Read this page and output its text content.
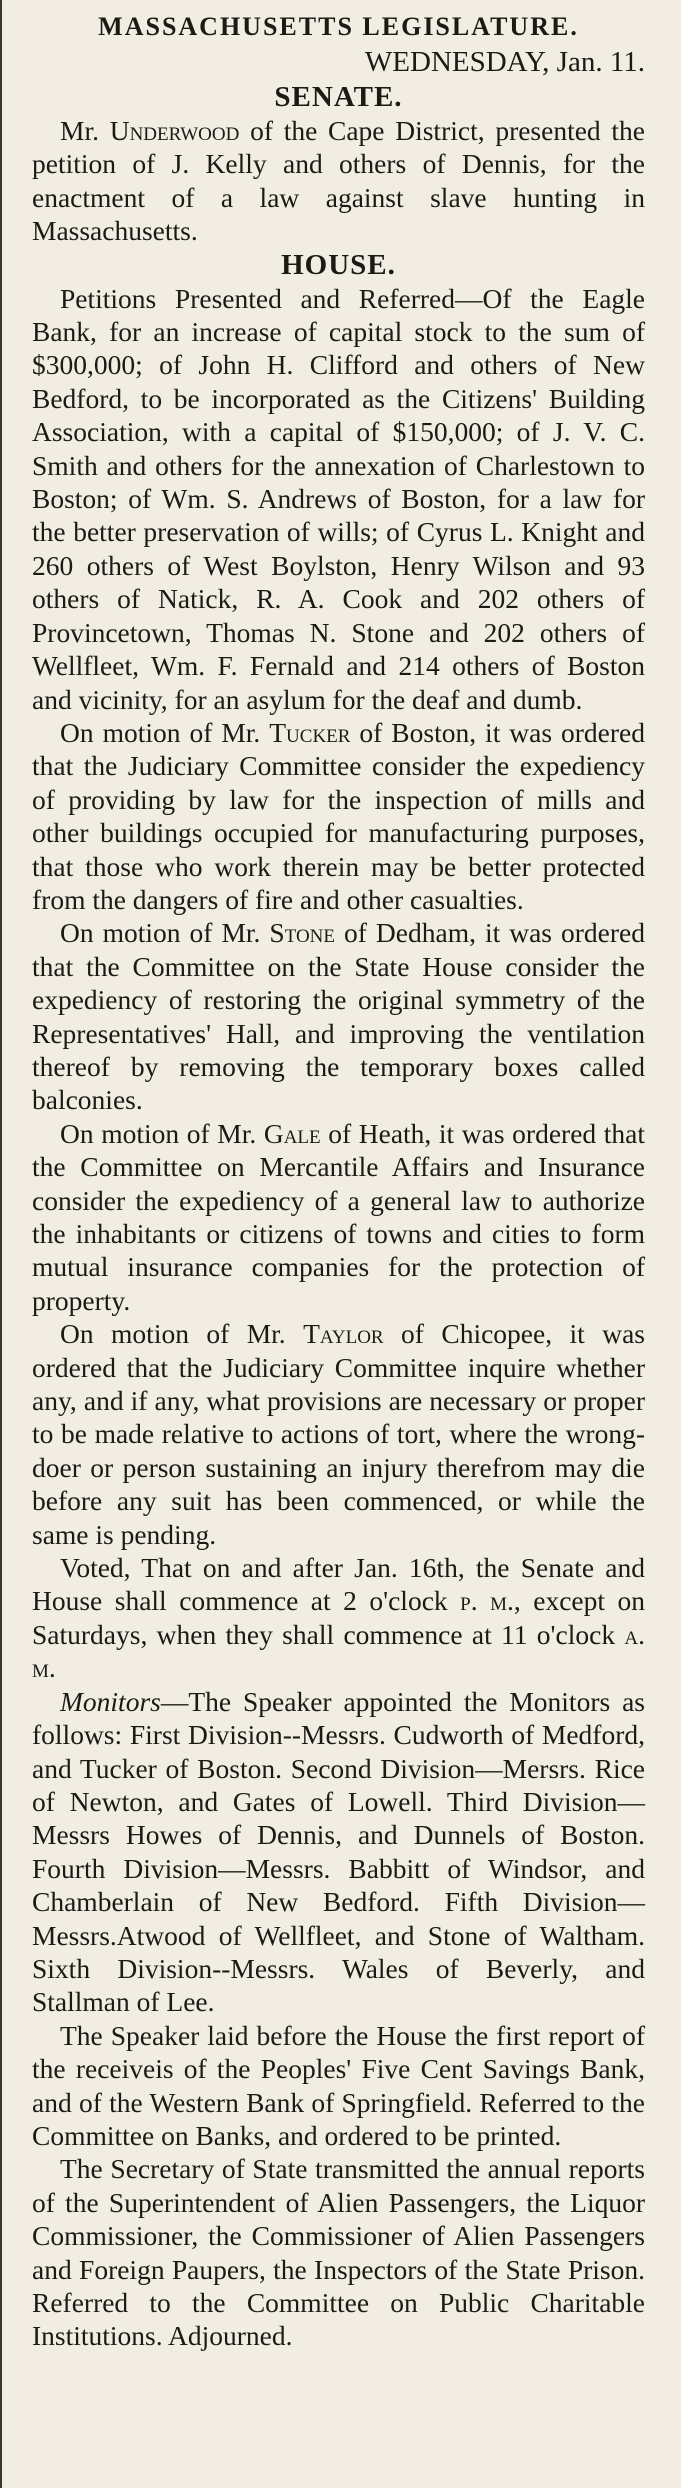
MASSACHUSETTS LEGISLATURE.
WEDNESDAY, Jan. 11.
SENATE.

Mr. Underwood of the Cape District, presented the petition of J. Kelly and others of Dennis, for the enactment of a law against slave hunting in Massachusetts.

HOUSE.

Petitions Presented and Referred—Of the Eagle Bank, for an increase of capital stock to the sum of $300,000; of John H. Clifford and others of New Bedford, to be incorporated as the Citizens' Building Association, with a capital of $150,000; of J. V. C. Smith and others for the annexation of Charlestown to Boston; of Wm. S. Andrews of Boston, for a law for the better preservation of wills; of Cyrus L. Knight and 260 others of West Boylston, Henry Wilson and 93 others of Natick, R. A. Cook and 202 others of Provincetown, Thomas N. Stone and 202 others of Wellfleet, Wm. F. Fernald and 214 others of Boston and vicinity, for an asylum for the deaf and dumb.

On motion of Mr. Tucker of Boston, it was ordered that the Judiciary Committee consider the expediency of providing by law for the inspection of mills and other buildings occupied for manufacturing purposes, that those who work therein may be better protected from the dangers of fire and other casualties.

On motion of Mr. Stone of Dedham, it was ordered that the Committee on the State House consider the expediency of restoring the original symmetry of the Representatives' Hall, and improving the ventilation thereof by removing the temporary boxes called balconies.

On motion of Mr. Gale of Heath, it was ordered that the Committee on Mercantile Affairs and Insurance consider the expediency of a general law to authorize the inhabitants or citizens of towns and cities to form mutual insurance companies for the protection of property.

On motion of Mr. Taylor of Chicopee, it was ordered that the Judiciary Committee inquire whether any, and if any, what provisions are necessary or proper to be made relative to actions of tort, where the wrong-doer or person sustaining an injury therefrom may die before any suit has been commenced, or while the same is pending.

Voted, That on and after Jan. 16th, the Senate and House shall commence at 2 o'clock p. m., except on Saturdays, when they shall commence at 11 o'clock a. m.

Monitors—The Speaker appointed the Monitors as follows: First Division--Messrs. Cudworth of Medford, and Tucker of Boston. Second Division—Mersrs. Rice of Newton, and Gates of Lowell. Third Division—Messrs Howes of Dennis, and Dunnels of Boston. Fourth Division—Messrs. Babbitt of Windsor, and Chamberlain of New Bedford. Fifth Division—Messrs.Atwood of Wellfleet, and Stone of Waltham. Sixth Division--Messrs. Wales of Beverly, and Stallman of Lee.

The Speaker laid before the House the first report of the receiveis of the Peoples' Five Cent Savings Bank, and of the Western Bank of Springfield. Referred to the Committee on Banks, and ordered to be printed.

The Secretary of State transmitted the annual reports of the Superintendent of Alien Passengers, the Liquor Commissioner, the Commissioner of Alien Passengers and Foreign Paupers, the Inspectors of the State Prison. Referred to the Committee on Public Charitable Institutions. Adjourned.
